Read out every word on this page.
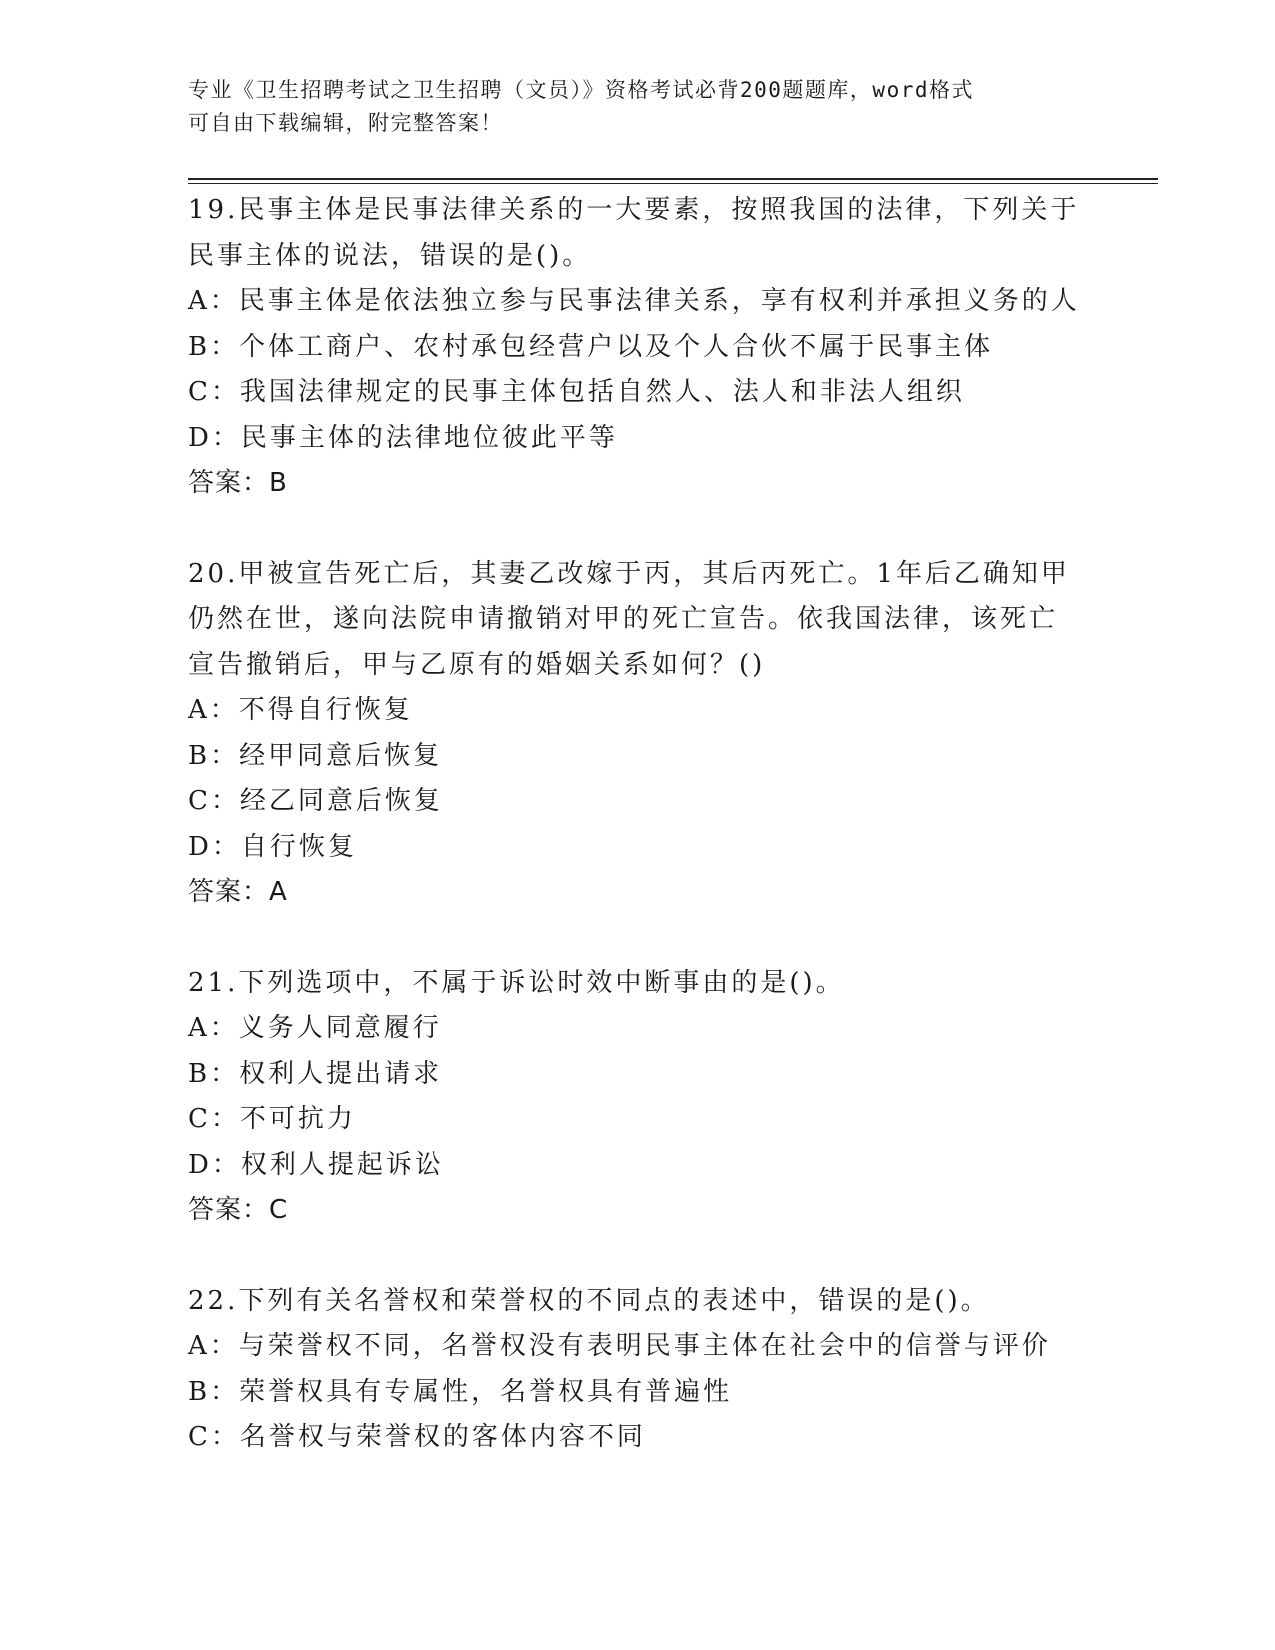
专业《卫生招聘考试之卫生招聘（文员）》资格考试必背200题题库，word格式
可自由下载编辑，附完整答案！
19.民事主体是民事法律关系的一大要素，按照我国的法律，下列关于
民事主体的说法，错误的是()。
A：民事主体是依法独立参与民事法律关系，享有权利并承担义务的人
B：个体工商户、农村承包经营户以及个人合伙不属于民事主体
C：我国法律规定的民事主体包括自然人、法人和非法人组织
D：民事主体的法律地位彼此平等
答案：B
20.甲被宣告死亡后，其妻乙改嫁于丙，其后丙死亡。1年后乙确知甲
仍然在世，遂向法院申请撤销对甲的死亡宣告。依我国法律，该死亡
宣告撤销后，甲与乙原有的婚姻关系如何？()
A：不得自行恢复
B：经甲同意后恢复
C：经乙同意后恢复
D：自行恢复
答案：A
21.下列选项中，不属于诉讼时效中断事由的是()。
A：义务人同意履行
B：权利人提出请求
C：不可抗力
D：权利人提起诉讼
答案：C
22.下列有关名誉权和荣誉权的不同点的表述中，错误的是()。
A：与荣誉权不同，名誉权没有表明民事主体在社会中的信誉与评价
B：荣誉权具有专属性，名誉权具有普遍性
C：名誉权与荣誉权的客体内容不同
